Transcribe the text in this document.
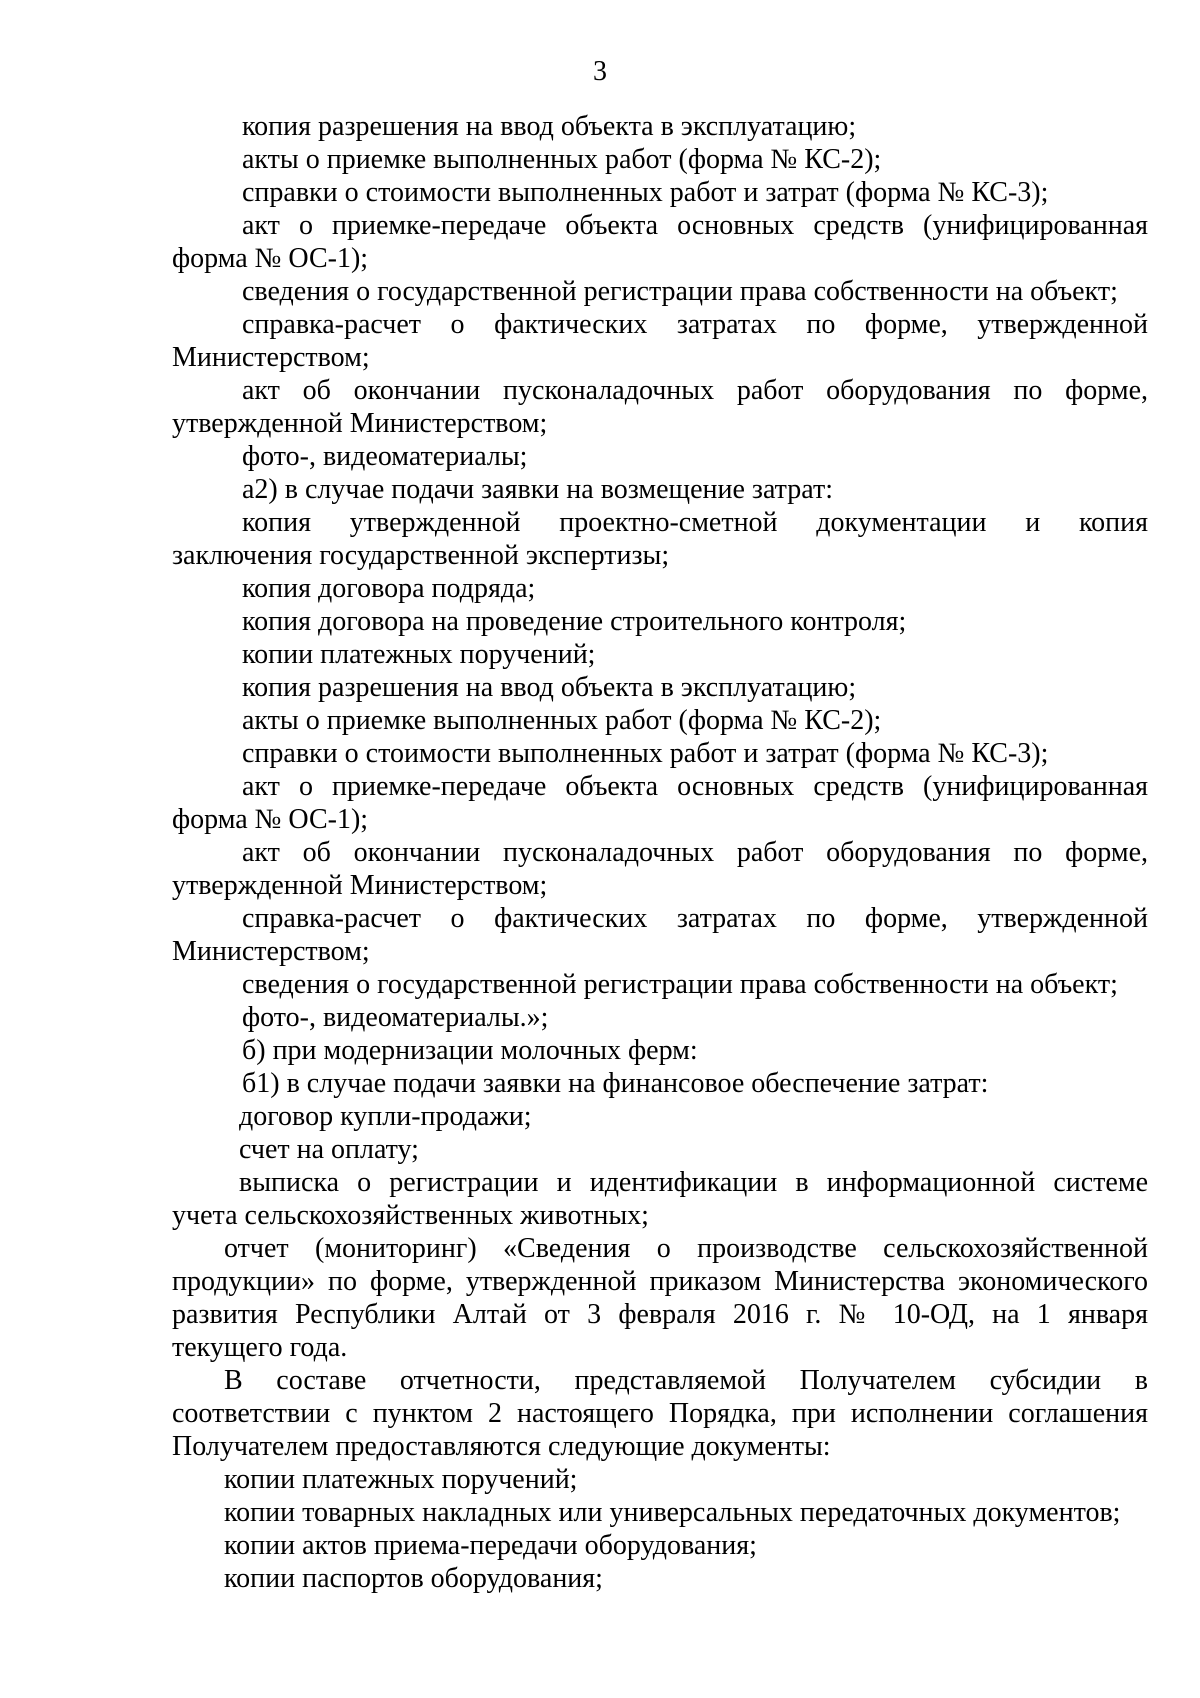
3
копия разрешения на ввод объекта в эксплуатацию;
акты о приемке выполненных работ (форма № КС-2);
справки о стоимости выполненных работ и затрат (форма № КС-3);
акт о приемке-передаче объекта основных средств (унифицированная
форма № ОС-1);
сведения о государственной регистрации права собственности на объект;
справка-расчет о фактических затратах по форме, утвержденной
Министерством;
акт об окончании пусконаладочных работ оборудования по форме,
утвержденной Министерством;
фото-, видеоматериалы;
а2) в случае подачи заявки на возмещение затрат:
копия утвержденной проектно-сметной документации и копия
заключения государственной экспертизы;
копия договора подряда;
копия договора на проведение строительного контроля;
копии платежных поручений;
копия разрешения на ввод объекта в эксплуатацию;
акты о приемке выполненных работ (форма № КС-2);
справки о стоимости выполненных работ и затрат (форма № КС-3);
акт о приемке-передаче объекта основных средств (унифицированная
форма № ОС-1);
акт об окончании пусконаладочных работ оборудования по форме,
утвержденной Министерством;
справка-расчет о фактических затратах по форме, утвержденной
Министерством;
сведения о государственной регистрации права собственности на объект;
фото-, видеоматериалы.»;
б) при модернизации молочных ферм:
б1) в случае подачи заявки на финансовое обеспечение затрат:
договор купли-продажи;
счет на оплату;
выписка о регистрации и идентификации в информационной системе
учета сельскохозяйственных животных;
отчет (мониторинг) «Сведения о производстве сельскохозяйственной
продукции» по форме, утвержденной приказом Министерства экономического
развития Республики Алтай от 3 февраля 2016 г. № 10-ОД, на 1 января
текущего года.
В составе отчетности, представляемой Получателем субсидии в
соответствии с пунктом 2 настоящего Порядка, при исполнении соглашения
Получателем предоставляются следующие документы:
копии платежных поручений;
копии товарных накладных или универсальных передаточных документов;
копии актов приема-передачи оборудования;
копии паспортов оборудования;
